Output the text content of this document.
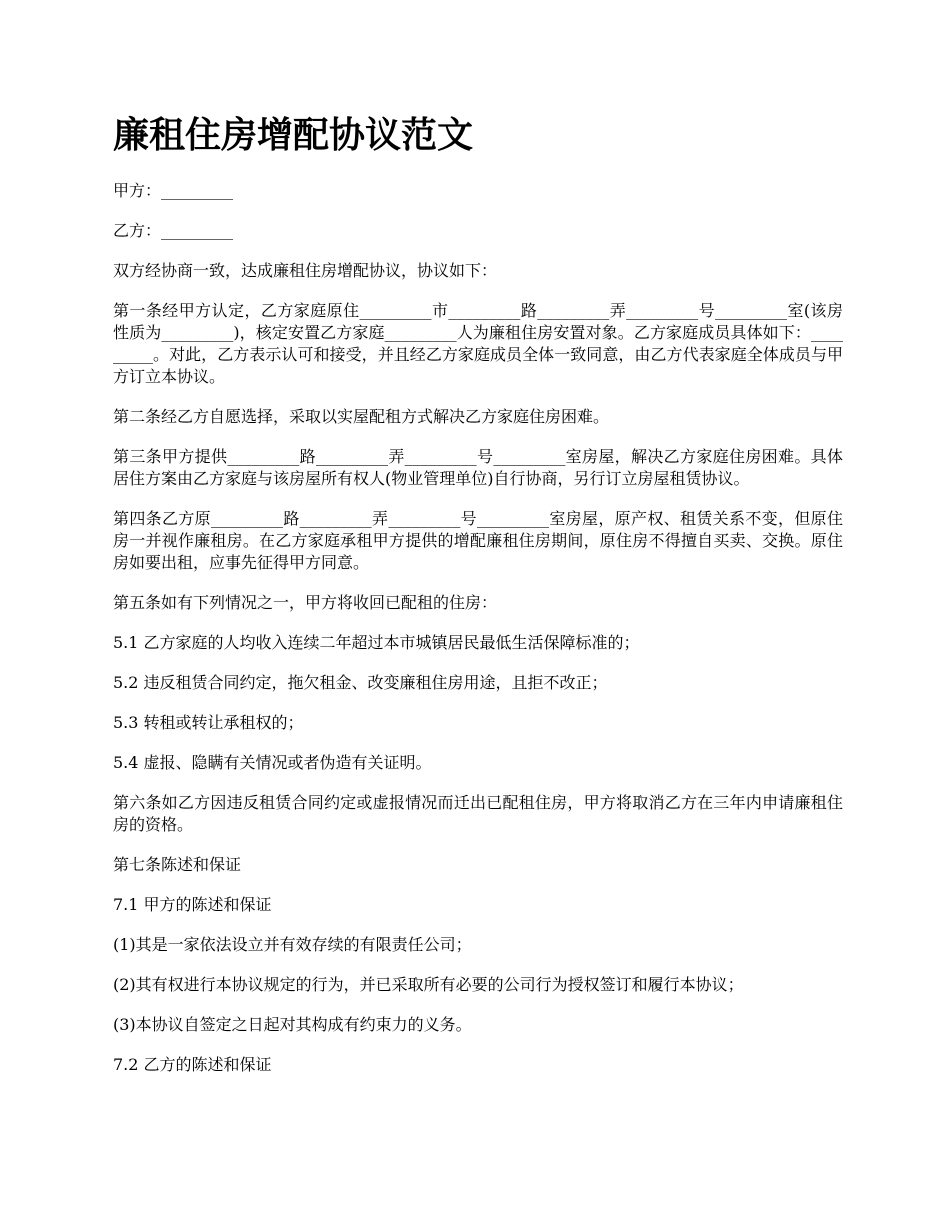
廉租住房增配协议范文

甲方：_________

乙方：_________

双方经协商一致，达成廉租住房增配协议，协议如下：

第一条经甲方认定，乙方家庭原住_________市_________路_________弄_________号_________室(该房性质为_________)，核定安置乙方家庭_________人为廉租住房安置对象。乙方家庭成员具体如下：_________。对此，乙方表示认可和接受，并且经乙方家庭成员全体一致同意，由乙方代表家庭全体成员与甲方订立本协议。

第二条经乙方自愿选择，采取以实屋配租方式解决乙方家庭住房困难。

第三条甲方提供_________路_________弄_________号_________室房屋，解决乙方家庭住房困难。具体居住方案由乙方家庭与该房屋所有权人(物业管理单位)自行协商，另行订立房屋租赁协议。

第四条乙方原_________路_________弄_________号_________室房屋，原产权、租赁关系不变，但原住房一并视作廉租房。在乙方家庭承租甲方提供的增配廉租住房期间，原住房不得擅自买卖、交换。原住房如要出租，应事先征得甲方同意。

第五条如有下列情况之一，甲方将收回已配租的住房：

5.1 乙方家庭的人均收入连续二年超过本市城镇居民最低生活保障标准的；

5.2 违反租赁合同约定，拖欠租金、改变廉租住房用途，且拒不改正；

5.3 转租或转让承租权的；

5.4 虚报、隐瞒有关情况或者伪造有关证明。

第六条如乙方因违反租赁合同约定或虚报情况而迁出已配租住房，甲方将取消乙方在三年内申请廉租住房的资格。

第七条陈述和保证

7.1 甲方的陈述和保证

(1)其是一家依法设立并有效存续的有限责任公司；

(2)其有权进行本协议规定的行为，并已采取所有必要的公司行为授权签订和履行本协议；

(3)本协议自签定之日起对其构成有约束力的义务。

7.2 乙方的陈述和保证
